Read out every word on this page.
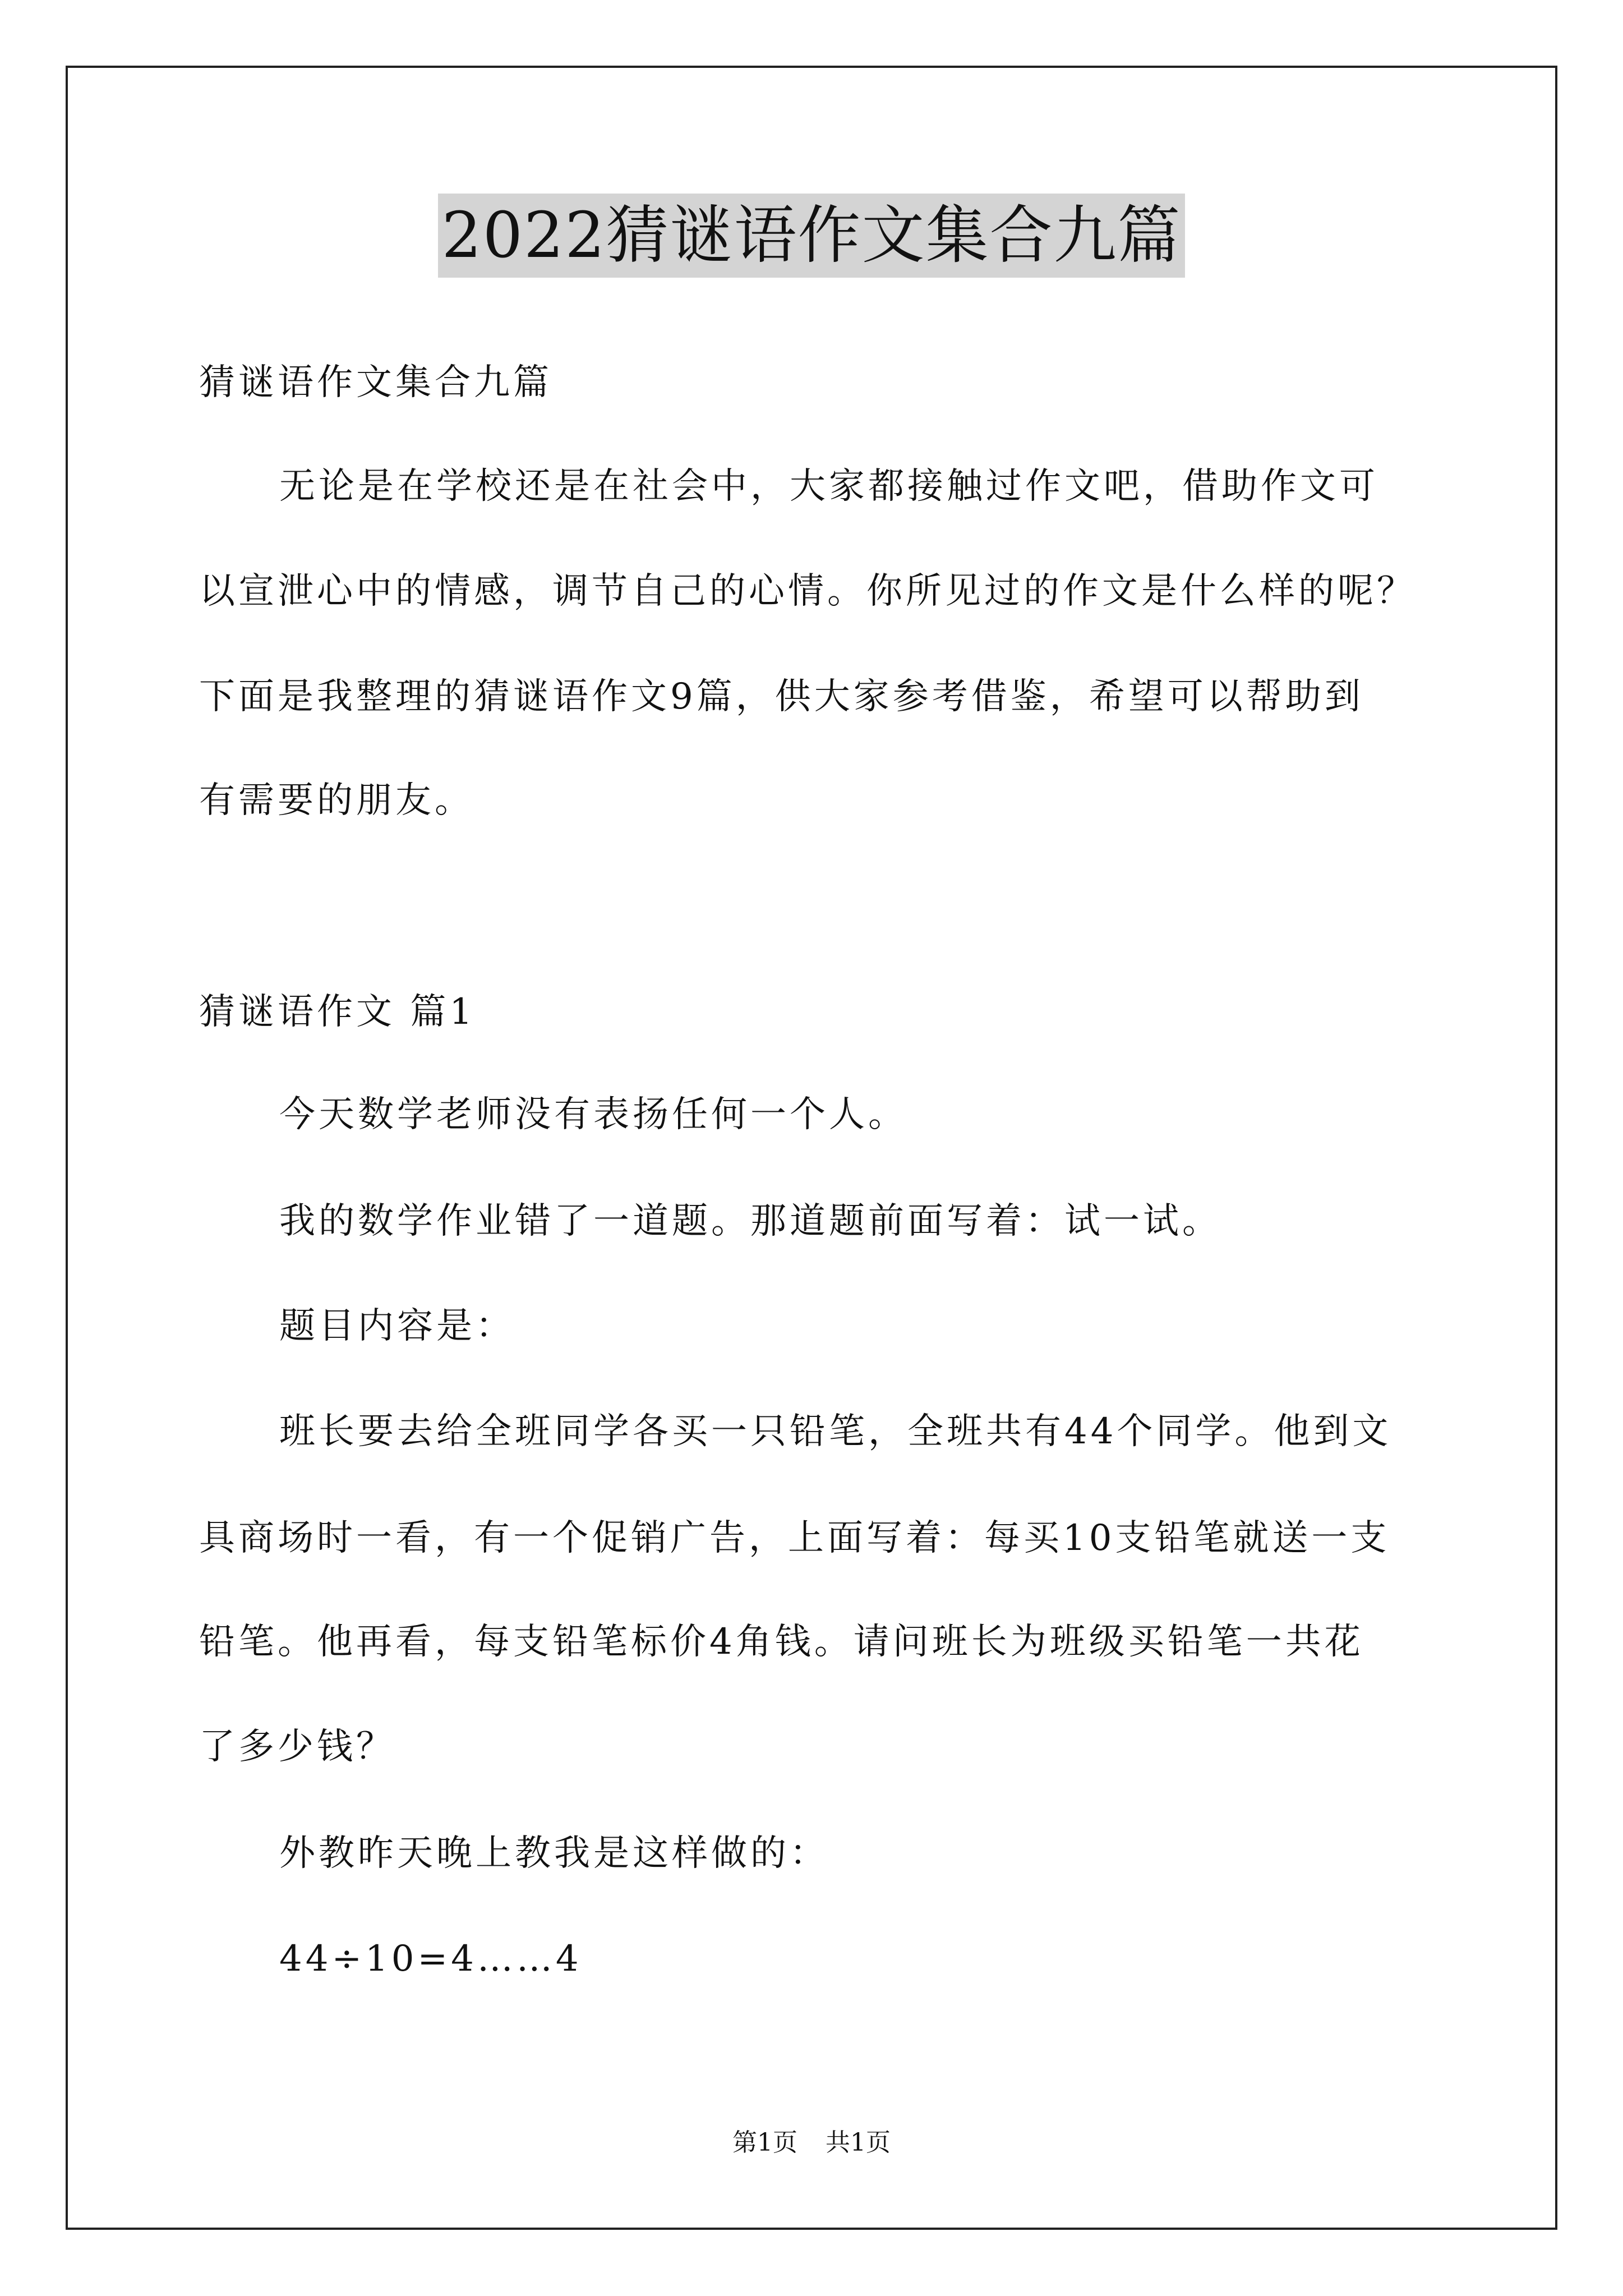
2022猜谜语作文集合九篇
猜谜语作文集合九篇
无论是在学校还是在社会中，大家都接触过作文吧，借助作文可
以宣泄心中的情感，调节自己的心情。你所见过的作文是什么样的呢？
下面是我整理的猜谜语作文9篇，供大家参考借鉴，希望可以帮助到
有需要的朋友。
猜谜语作文 篇1
今天数学老师没有表扬任何一个人。
我的数学作业错了一道题。那道题前面写着：试一试。
题目内容是：
班长要去给全班同学各买一只铅笔，全班共有44个同学。他到文
具商场时一看，有一个促销广告，上面写着：每买10支铅笔就送一支
铅笔。他再看，每支铅笔标价4角钱。请问班长为班级买铅笔一共花
了多少钱？
外教昨天晚上教我是这样做的：
44÷10=4……4
第1页 共1页
